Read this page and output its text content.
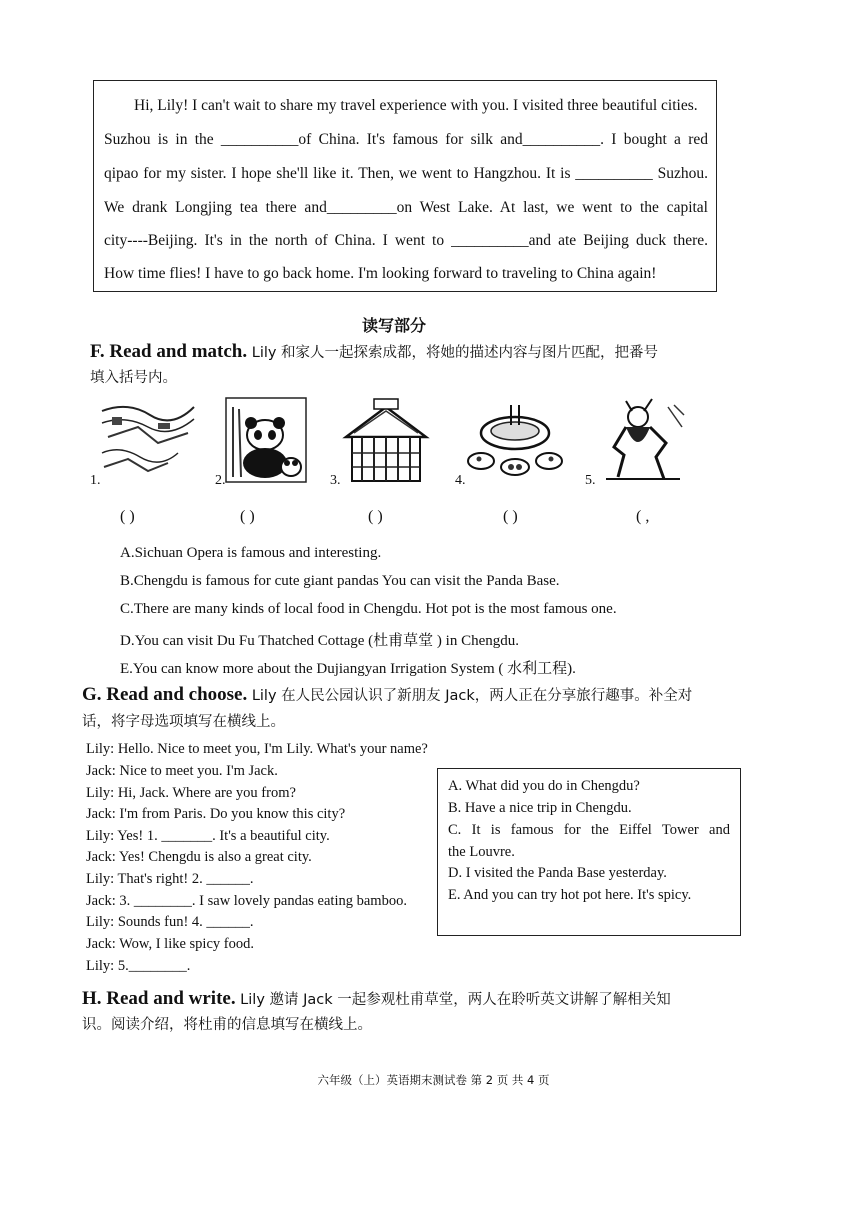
Hi, Lily! I can't wait to share my travel experience with you. I visited three beautiful cities.
Suzhou is in the __________of China. It's famous for silk and__________. I bought a red
qipao for my sister. I hope she'll like it. Then, we went to Hangzhou. It is __________ Suzhou.
We drank Longjing tea there and_________on West Lake. At last, we went to the capital
city----Beijing. It's in the north of China. I went to __________and ate Beijing duck there.
How time flies! I have to go back home. I'm looking forward to traveling to China again!
读写部分
F. Read and match. Lily 和家人一起探索成都，将她的描述内容与图片匹配，把番号
填入括号内。
1.	2.	3.	4.	5.
( )	( )	( )	( )	( ,
A.Sichuan Opera is famous and interesting.
B.Chengdu is famous for cute giant pandas You can visit the Panda Base.
C.There are many kinds of local food in Chengdu. Hot pot is the most famous one.
D.You can visit Du Fu Thatched Cottage (杜甫草堂 ) in Chengdu.
E.You can know more about the Dujiangyan Irrigation System ( 水利工程).
G. Read and choose. Lily 在人民公园认识了新朋友 Jack，两人正在分享旅行趣事。补全对
话，将字母选项填写在横线上。
Lily: Hello. Nice to meet you, I'm Lily. What's your name?
Jack: Nice to meet you. I'm Jack.
Lily: Hi, Jack. Where are you from?
Jack: I'm from Paris. Do you know this city?
Lily: Yes! 1. _______. It's a beautiful city.
Jack: Yes! Chengdu is also a great city.
Lily: That's right! 2. ______.
Jack: 3. ________. I saw lovely pandas eating bamboo.
Lily: Sounds fun! 4. ______.
Jack: Wow, I like spicy food.
Lily: 5.________.
A. What did you do in Chengdu?
B. Have a nice trip in Chengdu.
C. It is famous for the Eiffel Tower and
the Louvre.
D. I visited the Panda Base yesterday.
E. And you can try hot pot here. It's spicy.
H. Read and write. Lily 邀请 Jack 一起参观杜甫草堂，两人在聆听英文讲解了解相关知
识。阅读介绍，将杜甫的信息填写在横线上。
六年级（上）英语期末测试卷 第 2 页 共 4 页
